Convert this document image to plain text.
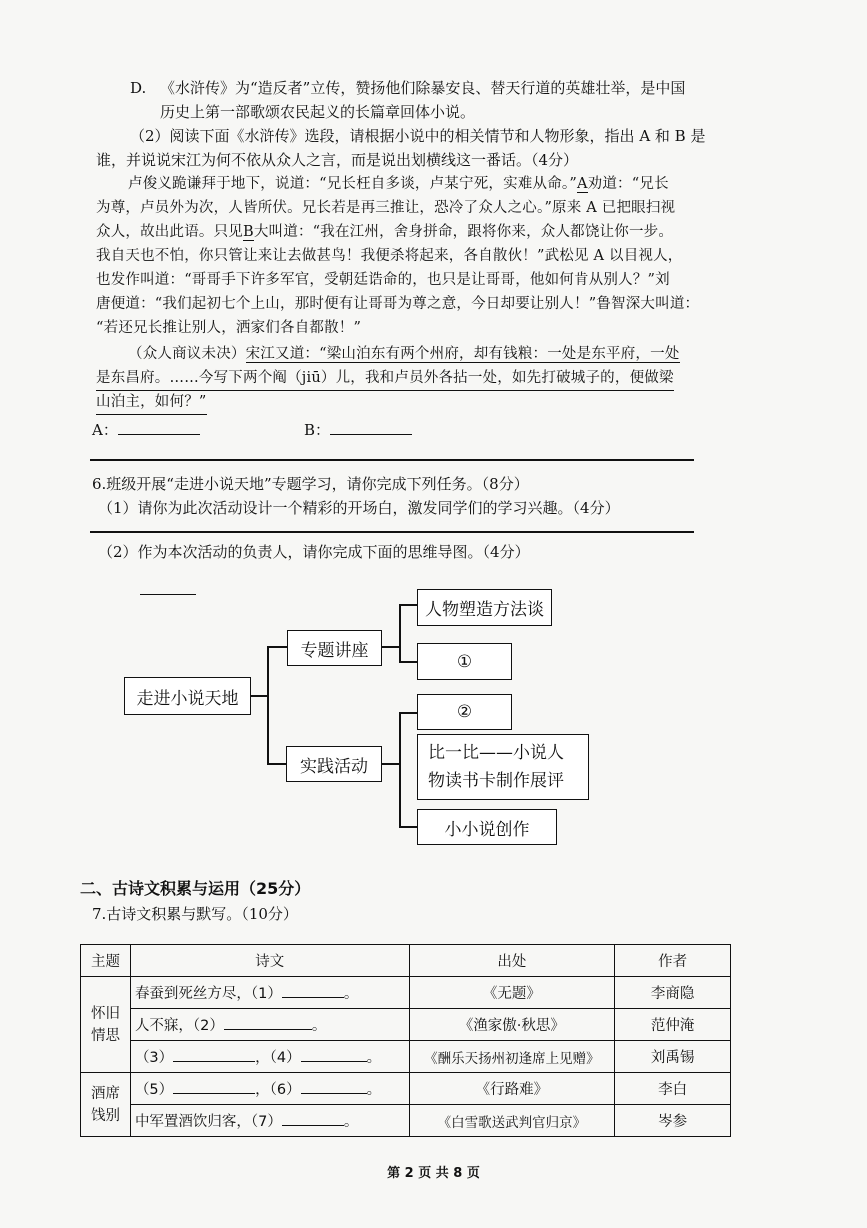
D. 《水浒传》为“造反者”立传，赞扬他们除暴安良、替天行道的英雄壮举，是中国
历史上第一部歌颂农民起义的长篇章回体小说。
（2）阅读下面《水浒传》选段，请根据小说中的相关情节和人物形象，指出 A 和 B 是
谁，并说说宋江为何不依从众人之言，而是说出划横线这一番话。（4分）
卢俊义跪谦拜于地下，说道：“兄长枉自多谈，卢某宁死，实难从命。”A劝道：“兄长
为尊，卢员外为次，人皆所伏。兄长若是再三推让，恐冷了众人之心。”原来 A 已把眼扫视
众人，故出此语。只见B大叫道：“我在江州，舍身拼命，跟将你来，众人都饶让你一步。
我自天也不怕，你只管让来让去做甚鸟！我便杀将起来，各自散伙！”武松见 A 以目视人，
也发作叫道：“哥哥手下许多军官，受朝廷诰命的，也只是让哥哥，他如何肯从别人？”刘
唐便道：“我们起初七个上山，那时便有让哥哥为尊之意，今日却要让别人！”鲁智深大叫道：
“若还兄长推让别人，洒家们各自都散！”
（众人商议未决）宋江又道：“梁山泊东有两个州府，却有钱粮：一处是东平府，一处
是东昌府。……今写下两个阄（jiū）儿，我和卢员外各拈一处，如先打破城子的，便做梁
山泊主，如何？”
A：	B：
6.班级开展“走进小说天地”专题学习，请你完成下列任务。（8分）
（1）请你为此次活动设计一个精彩的开场白，激发同学们的学习兴趣。（4分）
（2）作为本次活动的负责人，请你完成下面的思维导图。（4分）
走进小说天地
专题讲座
实践活动
人物塑造方法谈
①
②
比一比——小说人
物读书卡制作展评
小小说创作
二、古诗文积累与运用（25分）
7.古诗文积累与默写。（10分）
主题	诗文	出处	作者
怀旧
情思	春蚕到死丝方尽，（1） 。	《无题》	李商隐
	人不寐，（2） 。	《渔家傲·秋思》	范仲淹
	（3） ，（4） 。	《酬乐天扬州初逢席上见赠》	刘禹锡
酒席
饯别	（5） ，（6） 。	《行路难》	李白
	中军置酒饮归客，（7） 。	《白雪歌送武判官归京》	岑参
第 2 页 共 8 页
